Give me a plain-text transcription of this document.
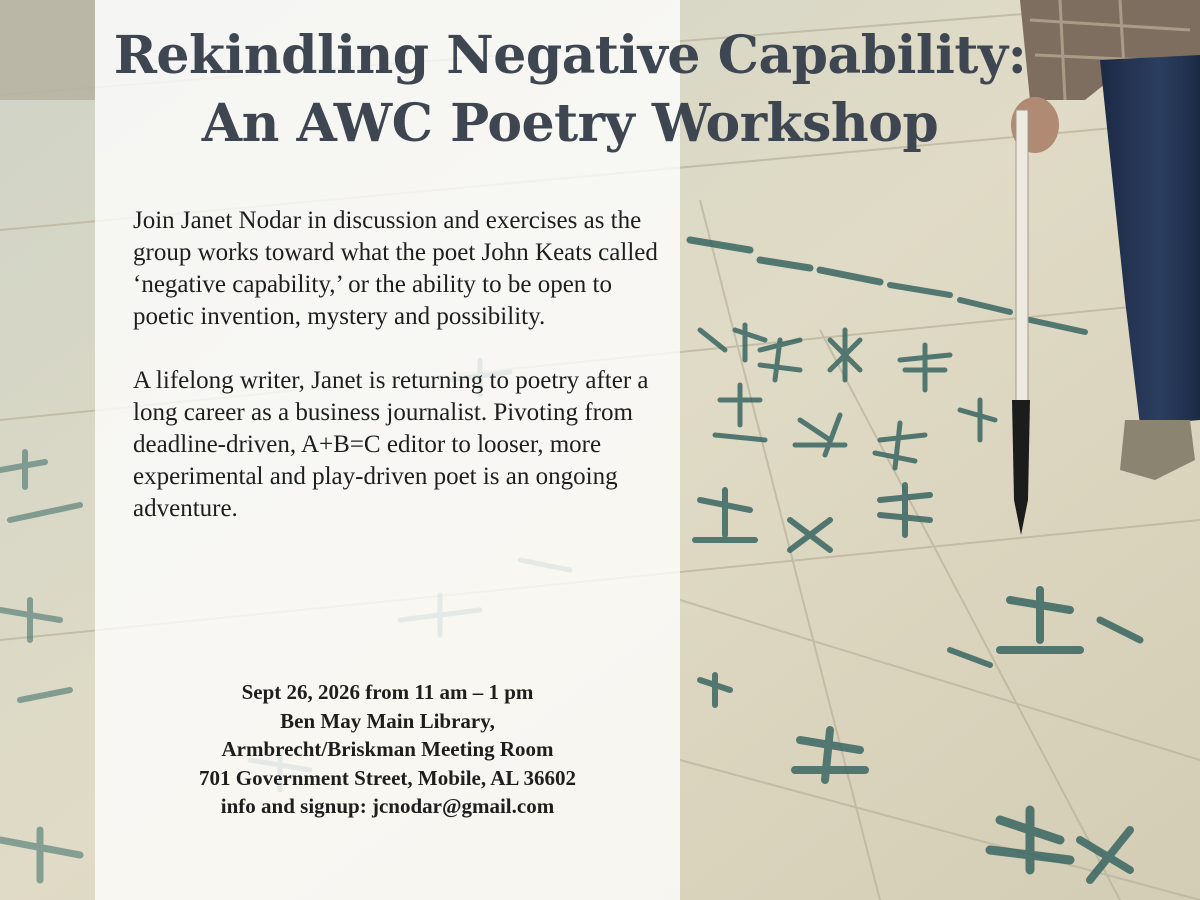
Rekindling Negative Capability:
An AWC Poetry Workshop

Join Janet Nodar in discussion and exercises as the group works toward what the poet John Keats called ‘negative capability,’ or the ability to be open to poetic invention, mystery and possibility.

A lifelong writer, Janet is returning to poetry after a long career as a business journalist. Pivoting from deadline-driven, A+B=C editor to looser, more experimental and play-driven poet is an ongoing adventure.

Sept 26, 2026 from 11 am – 1 pm
Ben May Main Library,
Armbrecht/Briskman Meeting Room
701 Government Street, Mobile, AL 36602
info and signup: jcnodar@gmail.com
